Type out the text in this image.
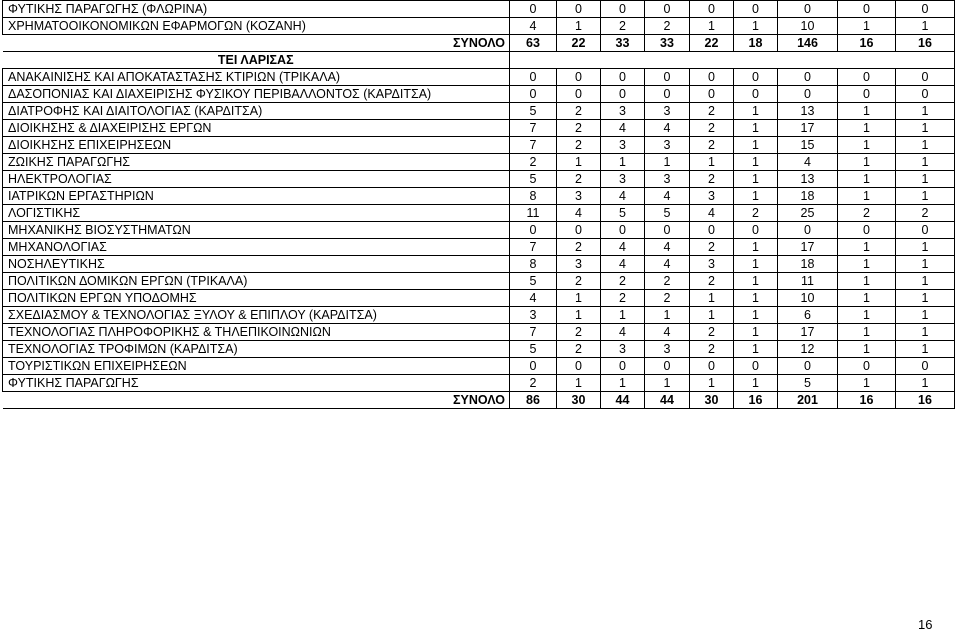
ΦΥΤΙΚΗΣ ΠΑΡΑΓΩΓΗΣ (ΦΛΩΡΙΝΑ)	0	0	0	0	0	0	0	0	0
ΧΡΗΜΑΤΟΟΙΚΟΝΟΜΙΚΩΝ ΕΦΑΡΜΟΓΩΝ (ΚΟΖΑΝΗ)	4	1	2	2	1	1	10	1	1
ΣΥΝΟΛΟ	63	22	33	33	22	18	146	16	16
ΤΕΙ ΛΑΡΙΣΑΣ									
ΑΝΑΚΑΙΝΙΣΗΣ ΚΑΙ ΑΠΟΚΑΤΑΣΤΑΣΗΣ ΚΤΙΡΙΩΝ (ΤΡΙΚΑΛΑ)	0	0	0	0	0	0	0	0	0
ΔΑΣΟΠΟΝΙΑΣ ΚΑΙ ΔΙΑΧΕΙΡΙΣΗΣ ΦΥΣΙΚΟΥ ΠΕΡΙΒΑΛΛΟΝΤΟΣ (ΚΑΡΔΙΤΣΑ)	0	0	0	0	0	0	0	0	0
ΔΙΑΤΡΟΦΗΣ ΚΑΙ ΔΙΑΙΤΟΛΟΓΙΑΣ (ΚΑΡΔΙΤΣΑ)	5	2	3	3	2	1	13	1	1
ΔΙΟΙΚΗΣΗΣ & ΔΙΑΧΕΙΡΙΣΗΣ ΕΡΓΩΝ	7	2	4	4	2	1	17	1	1
ΔΙΟΙΚΗΣΗΣ ΕΠΙΧΕΙΡΗΣΕΩΝ	7	2	3	3	2	1	15	1	1
ΖΩΙΚΗΣ ΠΑΡΑΓΩΓΗΣ	2	1	1	1	1	1	4	1	1
ΗΛΕΚΤΡΟΛΟΓΙΑΣ	5	2	3	3	2	1	13	1	1
ΙΑΤΡΙΚΩΝ ΕΡΓΑΣΤΗΡΙΩΝ	8	3	4	4	3	1	18	1	1
ΛΟΓΙΣΤΙΚΗΣ	11	4	5	5	4	2	25	2	2
ΜΗΧΑΝΙΚΗΣ ΒΙΟΣΥΣΤΗΜΑΤΩΝ	0	0	0	0	0	0	0	0	0
ΜΗΧΑΝΟΛΟΓΙΑΣ	7	2	4	4	2	1	17	1	1
ΝΟΣΗΛΕΥΤΙΚΗΣ	8	3	4	4	3	1	18	1	1
ΠΟΛΙΤΙΚΩΝ ΔΟΜΙΚΩΝ ΕΡΓΩΝ (ΤΡΙΚΑΛΑ)	5	2	2	2	2	1	11	1	1
ΠΟΛΙΤΙΚΩΝ ΕΡΓΩΝ ΥΠΟΔΟΜΗΣ	4	1	2	2	1	1	10	1	1
ΣΧΕΔΙΑΣΜΟΥ & ΤΕΧΝΟΛΟΓΙΑΣ ΞΥΛΟΥ & ΕΠΙΠΛΟΥ (ΚΑΡΔΙΤΣΑ)	3	1	1	1	1	1	6	1	1
ΤΕΧΝΟΛΟΓΙΑΣ ΠΛΗΡΟΦΟΡΙΚΗΣ & ΤΗΛΕΠΙΚΟΙΝΩΝΙΩΝ	7	2	4	4	2	1	17	1	1
ΤΕΧΝΟΛΟΓΙΑΣ ΤΡΟΦΙΜΩΝ (ΚΑΡΔΙΤΣΑ)	5	2	3	3	2	1	12	1	1
ΤΟΥΡΙΣΤΙΚΩΝ ΕΠΙΧΕΙΡΗΣΕΩΝ	0	0	0	0	0	0	0	0	0
ΦΥΤΙΚΗΣ ΠΑΡΑΓΩΓΗΣ	2	1	1	1	1	1	5	1	1
ΣΥΝΟΛΟ	86	30	44	44	30	16	201	16	16
16
